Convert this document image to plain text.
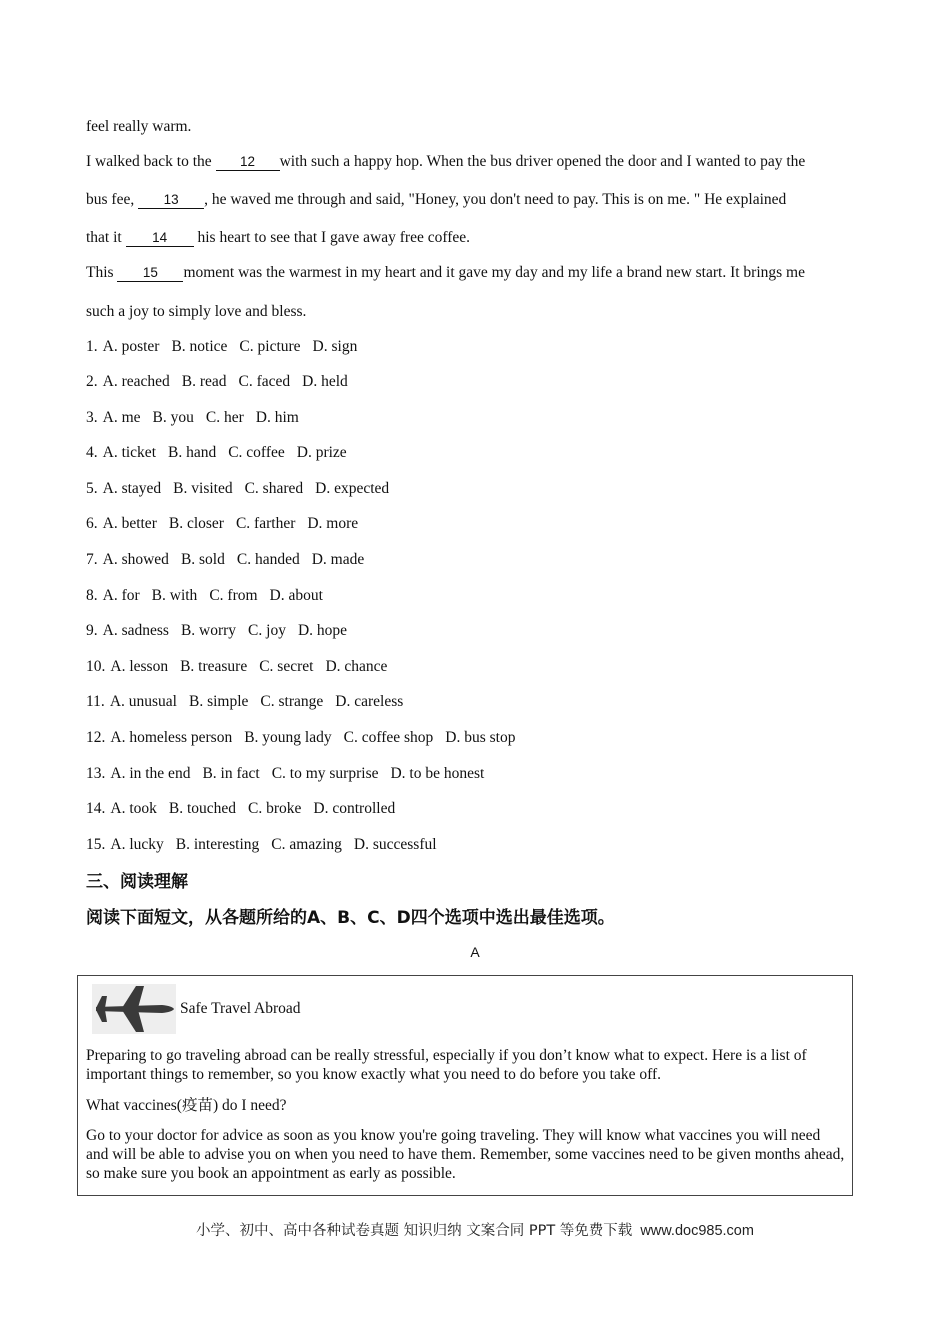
feel really warm.
I walked back to the 12 with such a happy hop. When the bus driver opened the door and I wanted to pay the
bus fee, 13 , he waved me through and said, "Honey, you don't need to pay. This is on me. " He explained
that it 14 his heart to see that I gave away free coffee.
This 15 moment was the warmest in my heart and it gave my day and my life a brand new start. It brings me
such a joy to simply love and bless.
1. A. poster B. notice C. picture D. sign
2. A. reached B. read C. faced D. held
3. A. me B. you C. her D. him
4. A. ticket B. hand C. coffee D. prize
5. A. stayed B. visited C. shared D. expected
6. A. better B. closer C. farther D. more
7. A. showed B. sold C. handed D. made
8. A. for B. with C. from D. about
9. A. sadness B. worry C. joy D. hope
10. A. lesson B. treasure C. secret D. chance
11. A. unusual B. simple C. strange D. careless
12. A. homeless person B. young lady C. coffee shop D. bus stop
13. A. in the end B. in fact C. to my surprise D. to be honest
14. A. took B. touched C. broke D. controlled
15. A. lucky B. interesting C. amazing D. successful
三、阅读理解
阅读下面短文，从各题所给的A、B、C、D四个选项中选出最佳选项。
A
Safe Travel Abroad
Preparing to go traveling abroad can be really stressful, especially if you don’t know what to expect. Here is a list of important things to remember, so you know exactly what you need to do before you take off.
What vaccines(疫苗) do I need?
Go to your doctor for advice as soon as you know you're going traveling. They will know what vaccines you will need and will be able to advise you on when you need to have them. Remember, some vaccines need to be given months ahead, so make sure you book an appointment as early as possible.
小学、初中、高中各种试卷真题 知识归纳 文案合同 PPT 等免费下载 www.doc985.com
